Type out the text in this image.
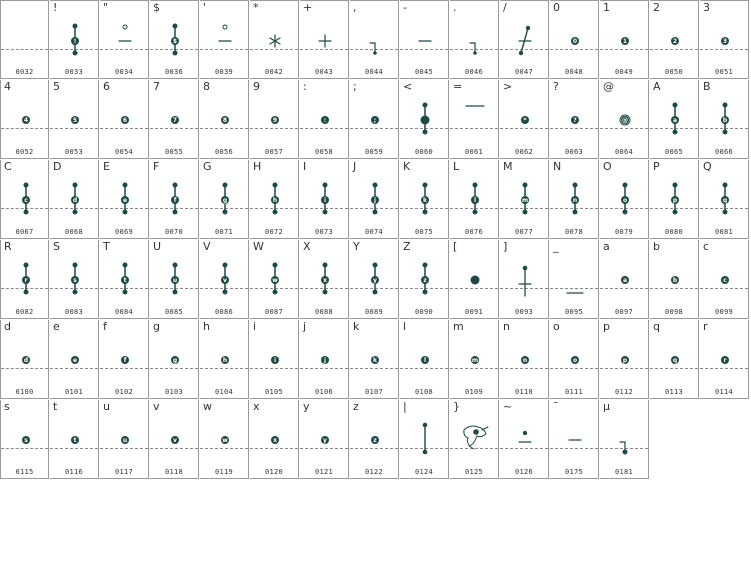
0032
!
!
0033
"
0034
$
$
0036
'
0039
*
0042
+
0043
,
0044
-
0045
.
0046
/
0047
0
0
0048
1
1
0049
2
2
0050
3
3
0051
4
4
0052
5
5
0053
6
6
0054
7
7
0055
8
8
0056
9
9
0057
:
:
0058
;
;
0059
<
0060
=
0061
>
*
0062
?
?
0063
@
@
0064
A
a
0065
B
b
0066
C
c
0067
D
d
0068
E
e
0069
F
f
0070
G
g
0071
H
h
0072
I
i
0073
J
j
0074
K
k
0075
L
l
0076
M
m
0077
N
n
0078
O
o
0079
P
p
0080
Q
q
0081
R
r
0082
S
s
0083
T
t
0084
U
u
0085
V
v
0086
W
w
0087
X
x
0088
Y
y
0089
Z
z
0090
[
0091
]
0093
_
0095
a
a
0097
b
b
0098
c
c
0099
d
d
0100
e
e
0101
f
f
0102
g
g
0103
h
h
0104
i
i
0105
j
j
0106
k
k
0107
l
l
0108
m
m
0109
n
n
0110
o
o
0111
p
p
0112
q
q
0113
r
r
0114
s
s
0115
t
t
0116
u
u
0117
v
v
0118
w
w
0119
x
x
0120
y
y
0121
z
z
0122
|
0124
}
0125
~
0126
¯
0175
µ
0181
